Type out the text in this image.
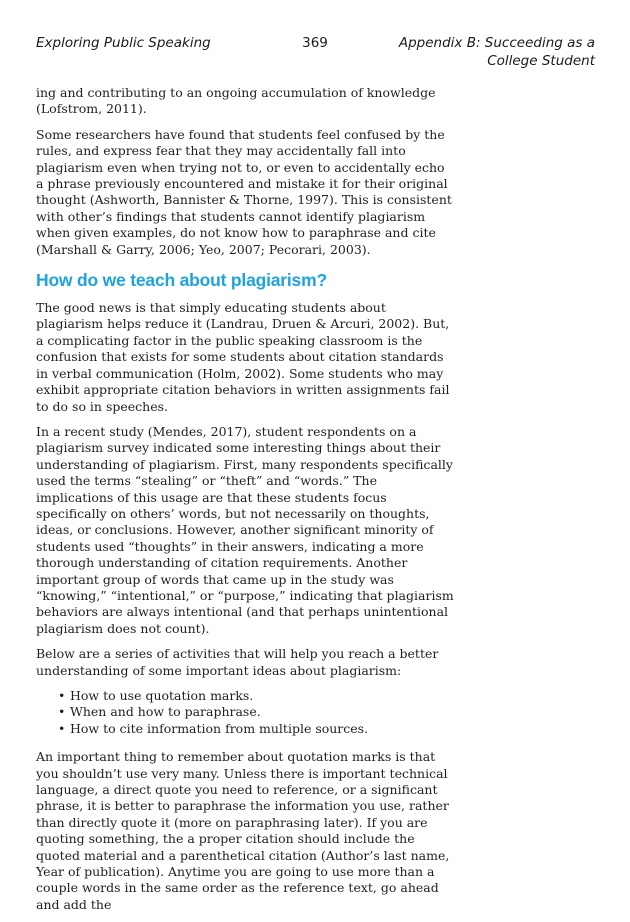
Exploring Public Speaking	369	Appendix B: Succeeding as a
College Student

ing and contributing to an ongoing accumulation of knowledge (Lofstrom, 2011).

Some researchers have found that students feel confused by the rules, and express fear that they may accidentally fall into plagiarism even when trying not to, or even to accidentally echo a phrase previously encountered and mistake it for their original thought (Ashworth, Bannister & Thorne, 1997). This is consistent with other’s findings that students cannot identify plagiarism when given examples, do not know how to paraphrase and cite (Marshall & Garry, 2006; Yeo, 2007; Pecorari, 2003).

How do we teach about plagiarism?

The good news is that simply educating students about plagiarism helps reduce it (Landrau, Druen & Arcuri, 2002). But, a complicating factor in the public speaking classroom is the confusion that exists for some students about citation standards in verbal communication (Holm, 2002). Some students who may exhibit appropriate citation behaviors in written assignments fail to do so in speeches.

In a recent study (Mendes, 2017), student respondents on a plagiarism survey indicated some interesting things about their understanding of plagiarism. First, many respondents specifically used the terms “stealing” or “theft” and “words.” The implications of this usage are that these students focus specifically on others’ words, but not necessarily on thoughts, ideas, or conclusions. However, another significant minority of students used “thoughts” in their answers, indicating a more thorough understanding of citation requirements. Another important group of words that came up in the study was “knowing,” “intentional,” or “purpose,” indicating that plagiarism behaviors are always intentional (and that perhaps unintentional plagiarism does not count).

Below are a series of activities that will help you reach a better understanding of some important ideas about plagiarism:

• How to use quotation marks.
• When and how to paraphrase.
• How to cite information from multiple sources.

An important thing to remember about quotation marks is that you shouldn’t use very many. Unless there is important technical language, a direct quote you need to reference, or a significant phrase, it is better to paraphrase the information you use, rather than directly quote it (more on paraphrasing later). If you are quoting something, the a proper citation should include the quoted material and a parenthetical citation (Author’s last name, Year of publication). Anytime you are going to use more than a couple words in the same order as the reference text, go ahead and add the
